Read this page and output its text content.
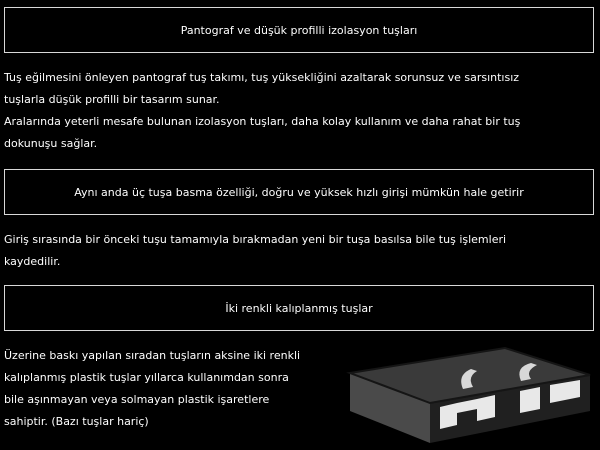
Pantograf ve düşük profilli izolasyon tuşları

Tuş eğilmesini önleyen pantograf tuş takımı, tuş yüksekliğini azaltarak sorunsuz ve sarsıntısız
tuşlarla düşük profilli bir tasarım sunar.

Aralarında yeterli mesafe bulunan izolasyon tuşları, daha kolay kullanım ve daha rahat bir tuş
dokunuşu sağlar.

Aynı anda üç tuşa basma özelliği, doğru ve yüksek hızlı girişi mümkün hale getirir

Giriş sırasında bir önceki tuşu tamamıyla bırakmadan yeni bir tuşa basılsa bile tuş işlemleri
kaydedilir.

İki renkli kalıplanmış tuşlar

Üzerine baskı yapılan sıradan tuşların aksine iki renkli
kalıplanmış plastik tuşlar yıllarca kullanımdan sonra
bile aşınmayan veya solmayan plastik işaretlere
sahiptir. (Bazı tuşlar hariç)
